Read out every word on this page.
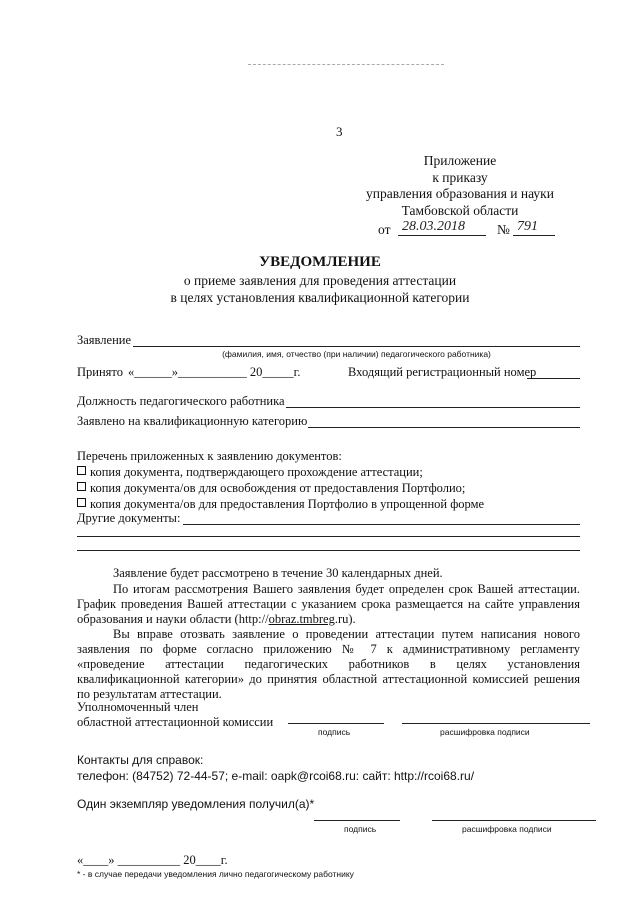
3
Приложение
к приказу
управления образования и науки
Тамбовской области
от 28.03.2018 № 791
УВЕДОМЛЕНИЕ
о приеме заявления для проведения аттестации
в целях установления квалификационной категории
Заявление
(фамилия, имя, отчество (при наличии) педагогического работника)
Принято «______»___________ 20_____г.	Входящий регистрационный номер
Должность педагогического работника
Заявлено на квалификационную категорию
Перечень приложенных к заявлению документов:
копия документа, подтверждающего прохождение аттестации;
копия документа/ов для освобождения от предоставления Портфолио;
копия документа/ов для предоставления Портфолио в упрощенной форме
Другие документы:
Заявление будет рассмотрено в течение 30 календарных дней.
По итогам рассмотрения Вашего заявления будет определен срок Вашей аттестации. График проведения Вашей аттестации с указанием срока размещается на сайте управления образования и науки области (http://obraz.tmbreg.ru).
Вы вправе отозвать заявление о проведении аттестации путем написания нового заявления по форме согласно приложению № 7 к административному регламенту «проведение аттестации педагогических работников в целях установления квалификационной категории» до принятия областной аттестационной комиссией решения по результатам аттестации.
Уполномоченный член
областной аттестационной комиссии
подпись	расшифровка подписи
Контакты для справок:
телефон: (84752) 72-44-57; e-mail: oapk@rcoi68.ru: сайт: http://rcoi68.ru/
Один экземпляр уведомления получил(а)*
подпись	расшифровка подписи
«____» __________ 20____г.
* - в случае передачи уведомления лично педагогическому работнику
